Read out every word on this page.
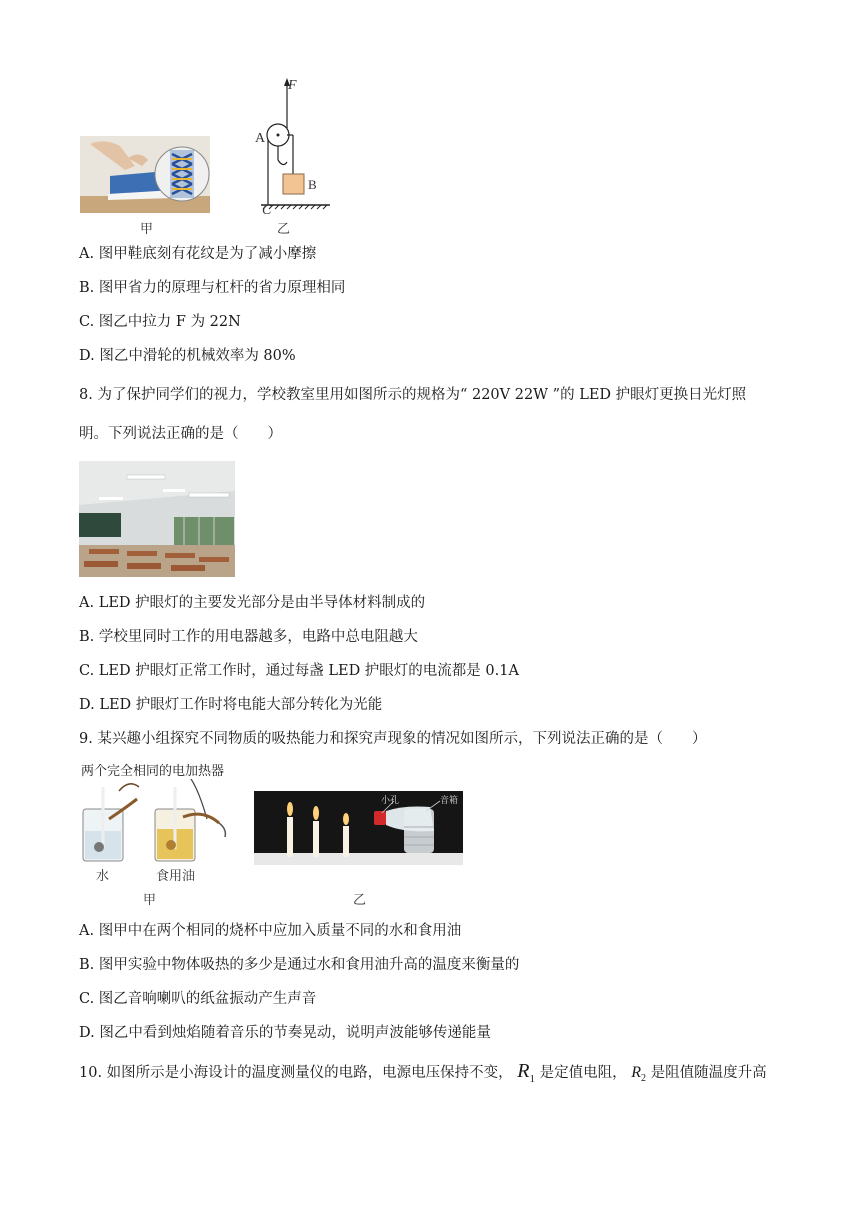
甲
F
A
B
C
乙
A. 图甲鞋底刻有花纹是为了减小摩擦
B. 图甲省力的原理与杠杆的省力原理相同
C. 图乙中拉力 F 为 22N
D. 图乙中滑轮的机械效率为 80%
8. 为了保护同学们的视力，学校教室里用如图所示的规格为“ 220V 22W ”的 LED 护眼灯更换日光灯照
明。下列说法正确的是（　　）
A. LED 护眼灯的主要发光部分是由半导体材料制成的
B. 学校里同时工作的用电器越多，电路中总电阻越大
C. LED 护眼灯正常工作时，通过每盏 LED 护眼灯的电流都是 0.1A
D. LED 护眼灯工作时将电能大部分转化为光能
9. 某兴趣小组探究不同物质的吸热能力和探究声现象的情况如图所示，下列说法正确的是（　　）
两个完全相同的电加热器
水	食用油
甲
小孔	音箱
乙
A. 图甲中在两个相同的烧杯中应加入质量不同的水和食用油
B. 图甲实验中物体吸热的多少是通过水和食用油升高的温度来衡量的
C. 图乙音响喇叭的纸盆振动产生声音
D. 图乙中看到烛焰随着音乐的节奏晃动，说明声波能够传递能量
10. 如图所示是小海设计的温度测量仪的电路，电源电压保持不变， $R_1$ 是定值电阻， $R_2$ 是阻值随温度升高
